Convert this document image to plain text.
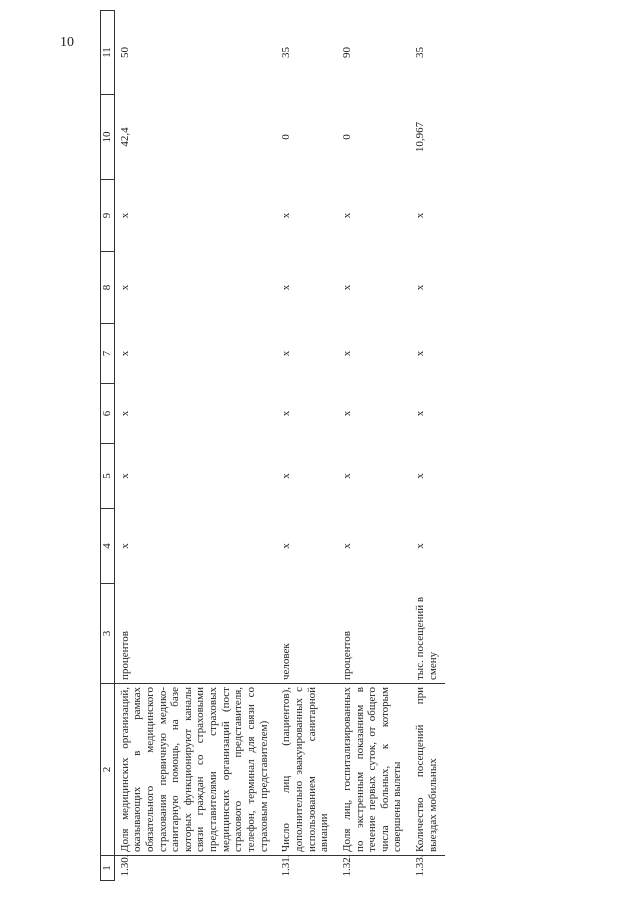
10
1	2	3	4	5	6	7	8	9	10	11
1.30.	Доля медицинских организаций, оказывающих в рамках обязательного медицинского страхования первичную медико-санитарную помощь, на базе которых функционируют каналы связи граждан со страховыми представителями страховых медицинских организаций (пост страхового представителя, телефон, терминал для связи со страховым представителем)	процентов	x	x	x	x	x	x	42,4	50
1.31.	Число лиц (пациентов), дополнительно эвакуированных с использованием санитарной авиации	человек	x	x	x	x	x	x	0	35
1.32.	Доля лиц, госпитализированных по экстренным показаниям в течение первых суток, от общего числа больных, к которым совершены вылеты	процентов	x	x	x	x	x	x	0	90
1.33.	Количество посещений при выездах мобильных	тыс. посещений в смену	x	x	x	x	x	x	10,967	35
